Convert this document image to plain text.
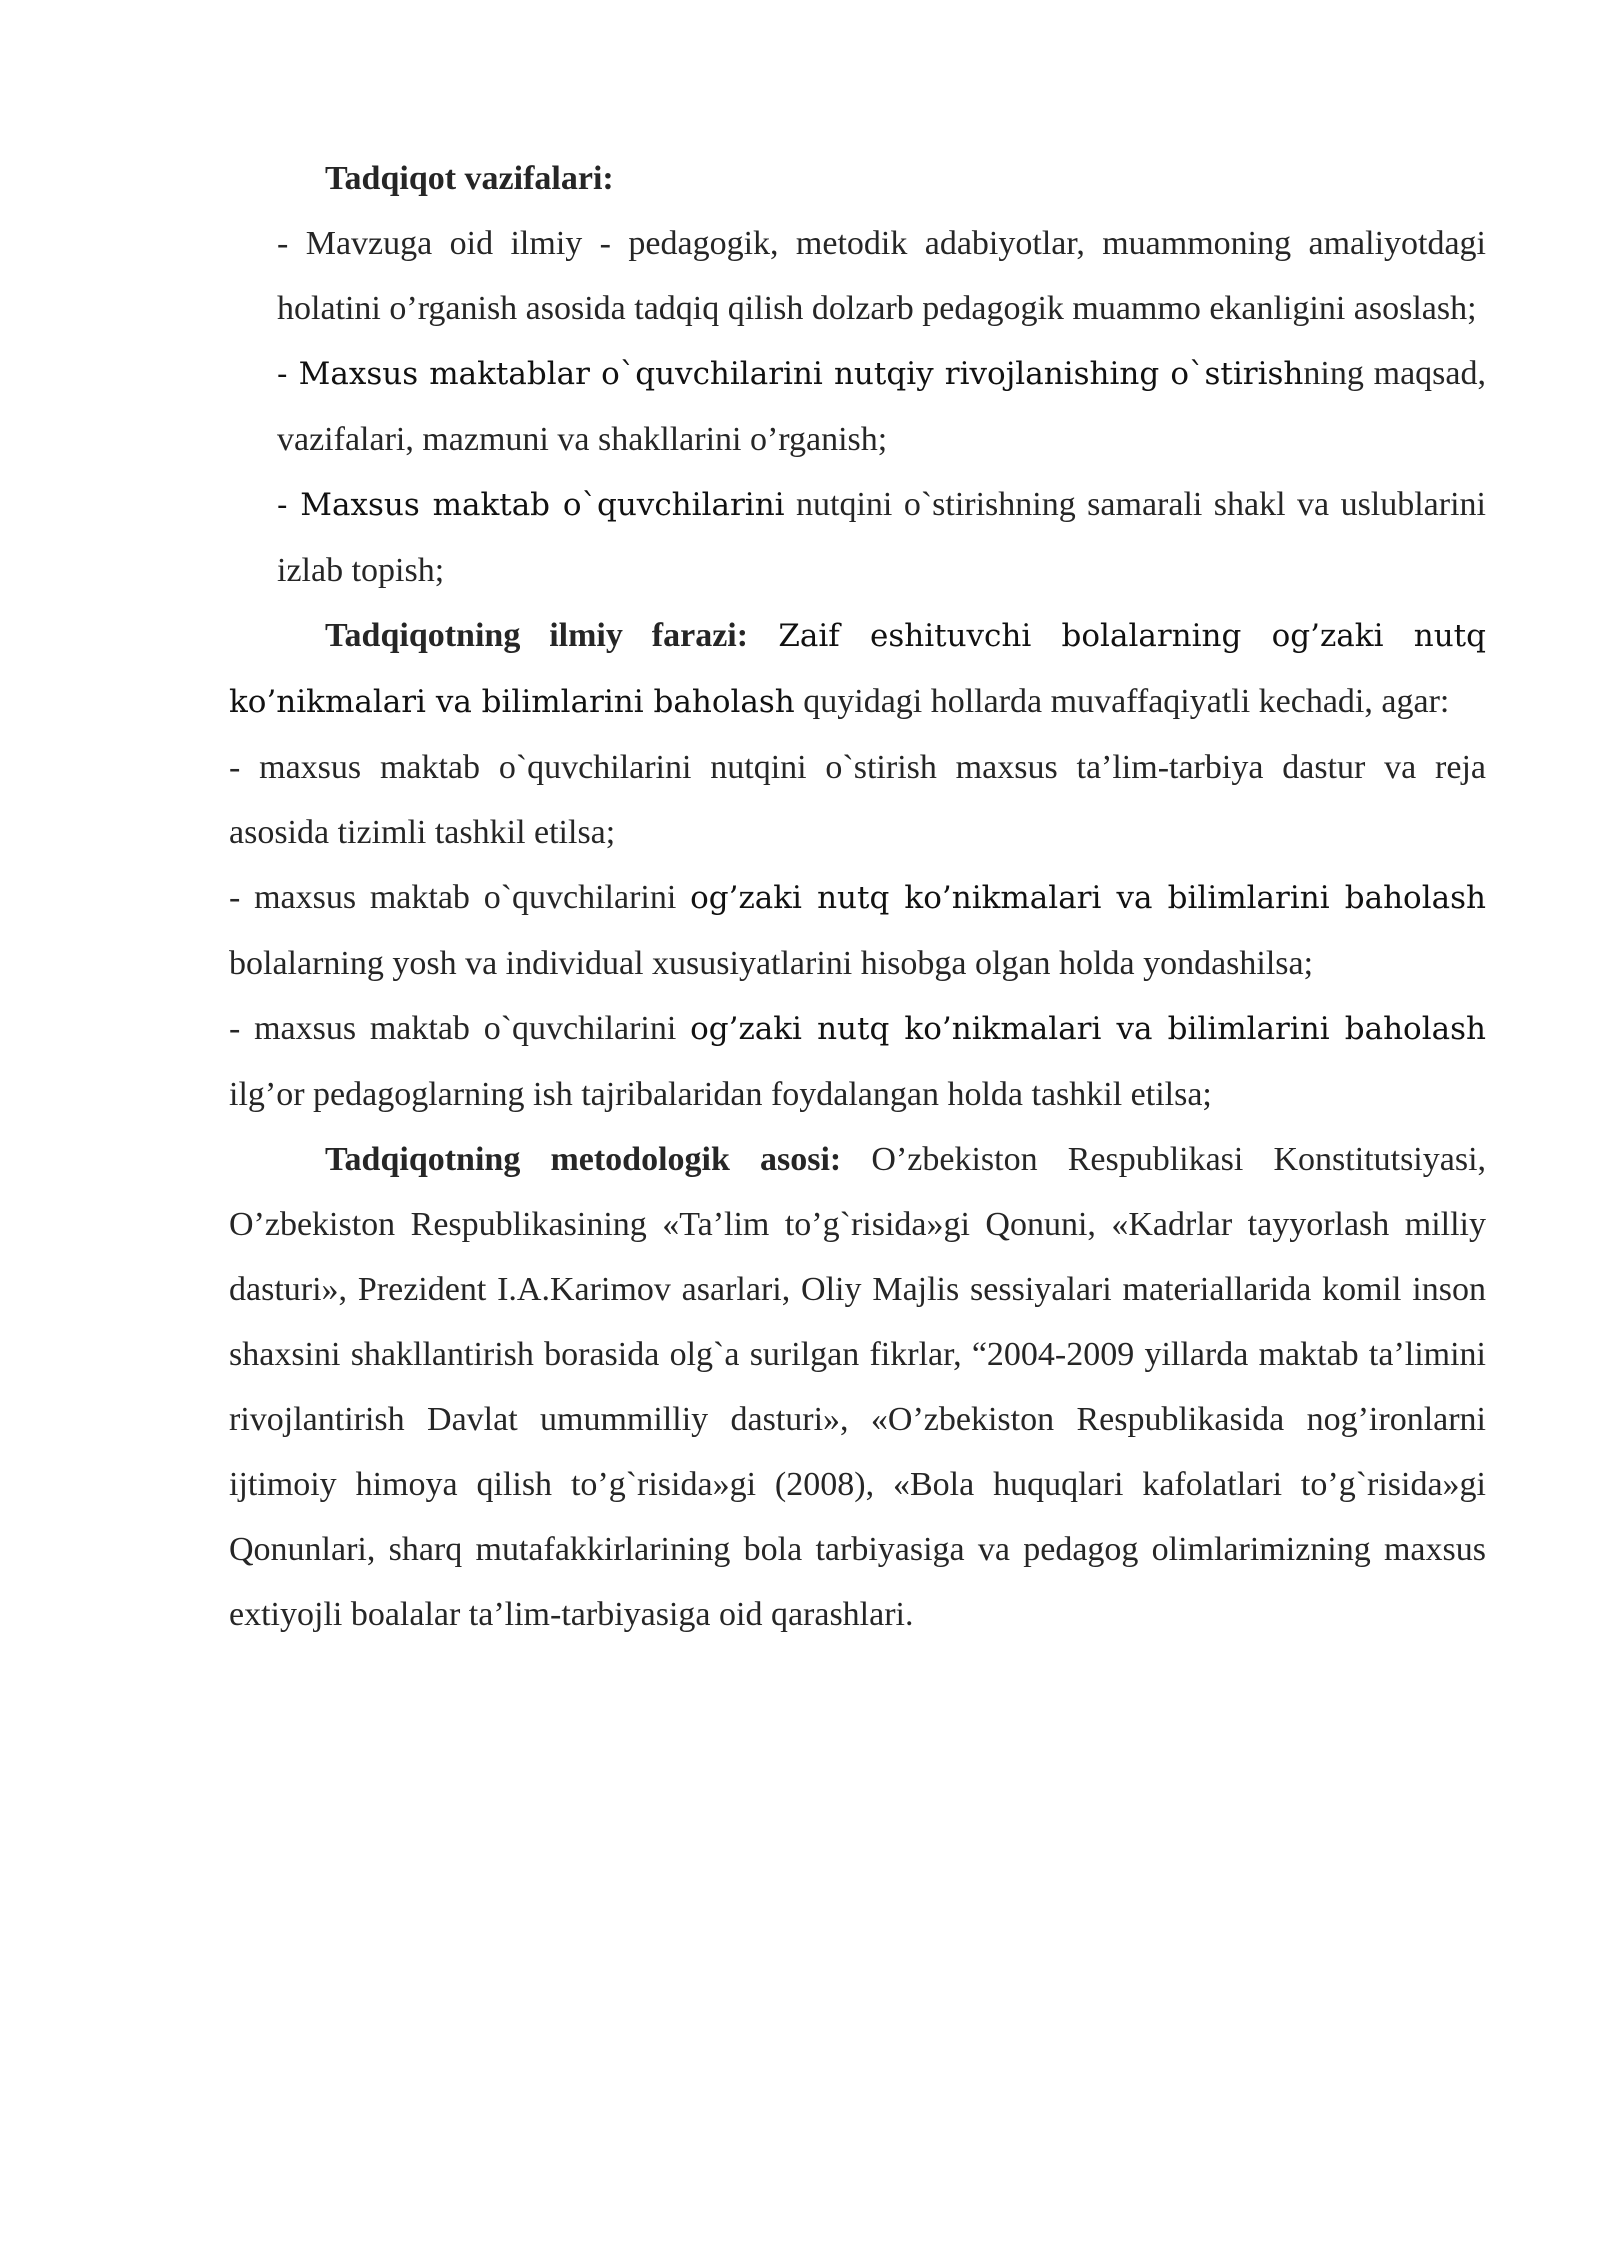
Tadqiqot vazifalari:

- Mavzuga oid ilmiy - pedagogik, metodik adabiyotlar, muammoning amaliyotdagi holatini o’rganish asosida tadqiq qilish dolzarb pedagogik muammo ekanligini asoslash;

- Maxsus maktablar o`quvchilarini nutqiy rivojlanishing o`stirishning maqsad, vazifalari, mazmuni va shakllarini o’rganish;

- Maxsus maktab o`quvchilarini nutqini o`stirishning samarali shakl va uslublarini izlab topish;

Tadqiqotning ilmiy farazi: Zaif eshituvchi bolalarning og’zaki nutq ko’nikmalari va bilimlarini baholash quyidagi hollarda muvaffaqiyatli kechadi, agar:

- maxsus maktab o`quvchilarini nutqini o`stirish maxsus ta’lim-tarbiya dastur va reja asosida tizimli tashkil etilsa;

- maxsus maktab o`quvchilarini og’zaki nutq ko’nikmalari va bilimlarini baholash bolalarning yosh va individual xususiyatlarini hisobga olgan holda yondashilsa;

- maxsus maktab o`quvchilarini og’zaki nutq ko’nikmalari va bilimlarini baholash ilg’or pedagoglarning ish tajribalaridan foydalangan holda tashkil etilsa;

Tadqiqotning metodologik asosi: O’zbekiston Respublikasi Konstitutsiyasi, O’zbekiston Respublikasining «Ta’lim to’g`risida»gi Qonuni, «Kadrlar tayyorlash milliy dasturi», Prezident I.A.Karimov asarlari, Oliy Majlis sessiyalari materiallarida komil inson shaxsini shakllantirish borasida olg`a surilgan fikrlar, “2004-2009 yillarda maktab ta’limini rivojlantirish Davlat umummilliy dasturi», «O’zbekiston Respublikasida nog’ironlarni ijtimoiy himoya qilish to’g`risida»gi (2008), «Bola huquqlari kafolatlari to’g`risida»gi Qonunlari, sharq mutafakkirlarining bola tarbiyasiga va pedagog olimlarimizning maxsus extiyojli boalalar ta’lim-tarbiyasiga oid qarashlari.
